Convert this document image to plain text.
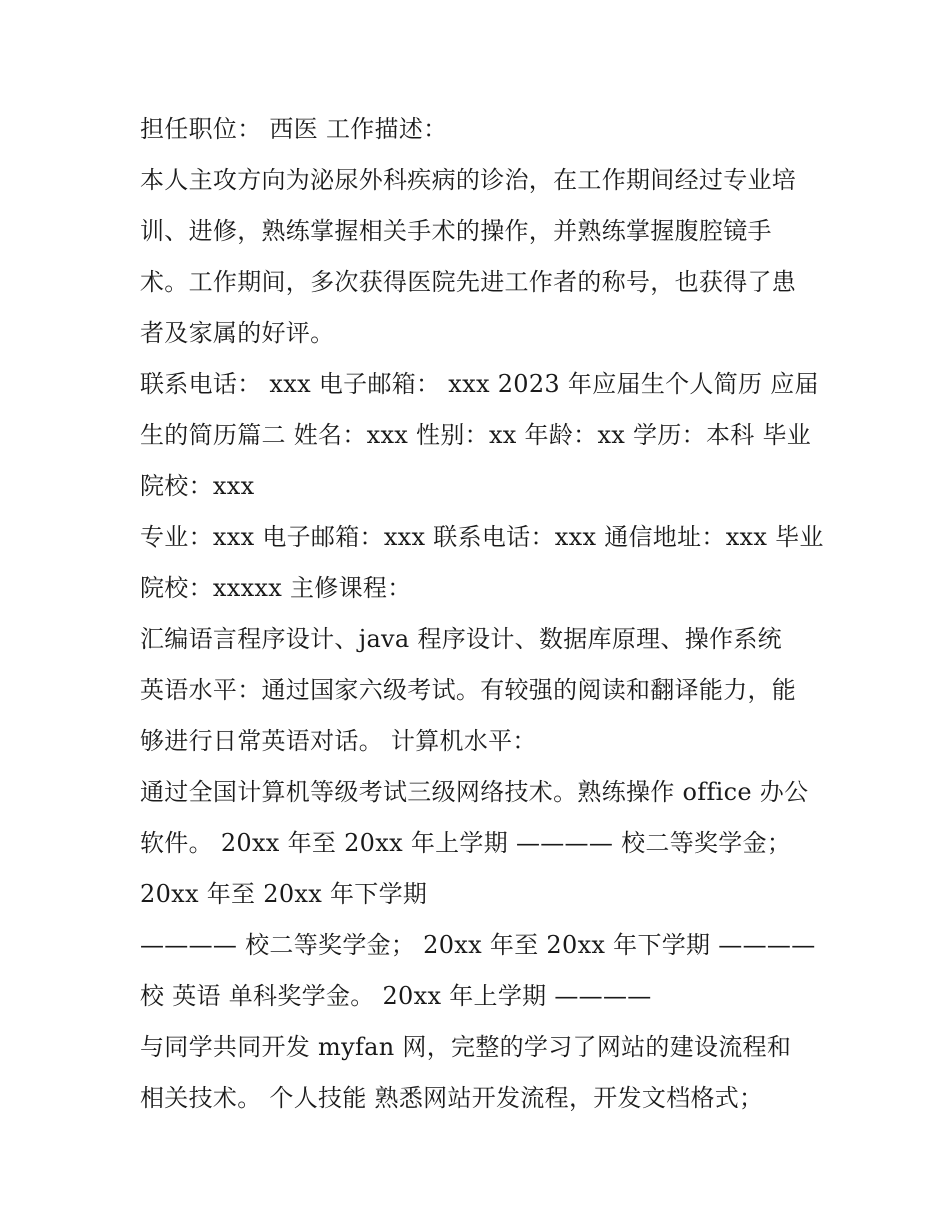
担任职位： 西医 工作描述：
本人主攻方向为泌尿外科疾病的诊治，在工作期间经过专业培
训、进修，熟练掌握相关手术的操作，并熟练掌握腹腔镜手
术。工作期间，多次获得医院先进工作者的称号，也获得了患
者及家属的好评。
联系电话： xxx 电子邮箱： xxx 2023 年应届生个人简历 应届
生的简历篇二 姓名：xxx 性别：xx 年龄：xx 学历：本科 毕业
院校：xxx
专业：xxx 电子邮箱：xxx 联系电话：xxx 通信地址：xxx 毕业
院校：xxxxx 主修课程：
汇编语言程序设计、java 程序设计、数据库原理、操作系统
英语水平：通过国家六级考试。有较强的阅读和翻译能力，能
够进行日常英语对话。 计算机水平：
通过全国计算机等级考试三级网络技术。熟练操作 office 办公
软件。 20xx 年至 20xx 年上学期 ———— 校二等奖学金；
20xx 年至 20xx 年下学期
———— 校二等奖学金； 20xx 年至 20xx 年下学期 ————
校 英语 单科奖学金。 20xx 年上学期 ————
与同学共同开发 myfan 网，完整的学习了网站的建设流程和
相关技术。 个人技能 熟悉网站开发流程，开发文档格式；
